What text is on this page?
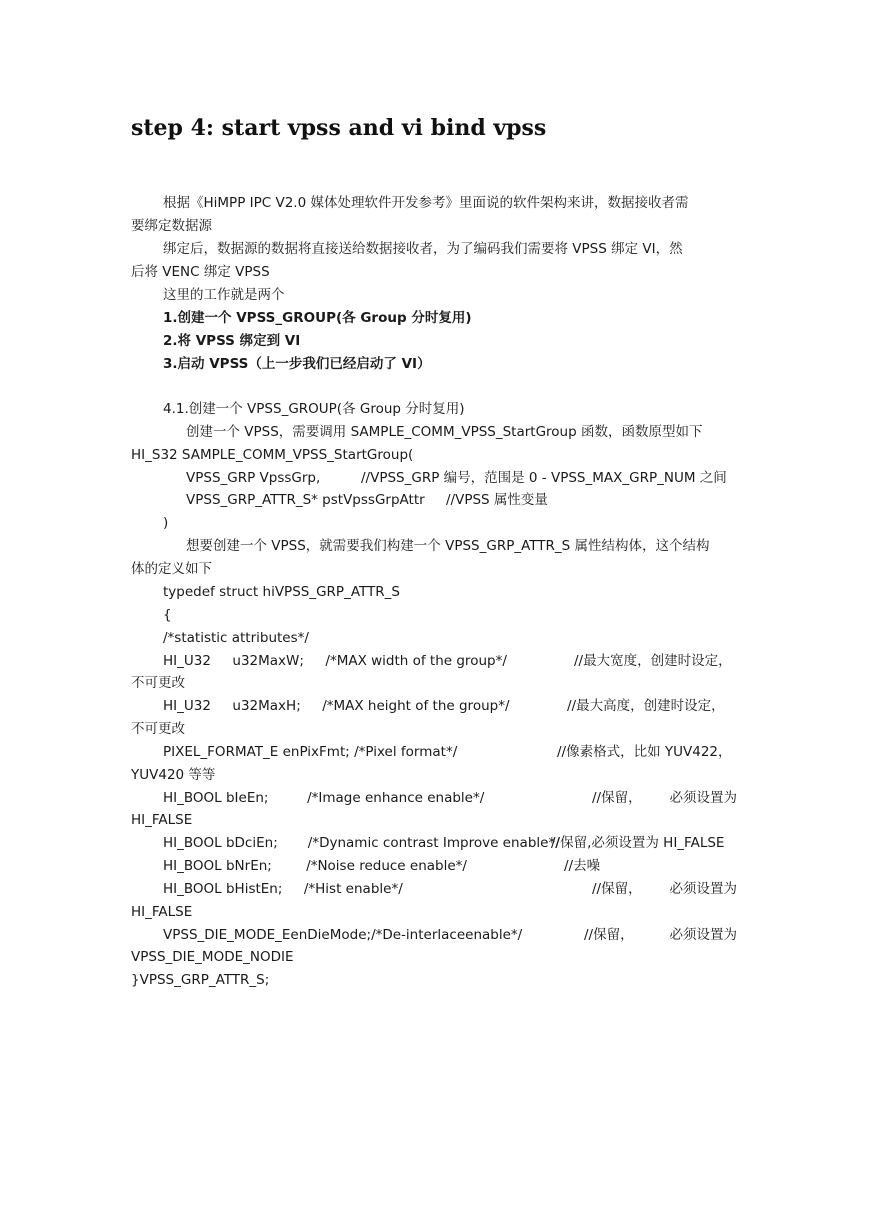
step 4: start vpss and vi bind vpss
根据《HiMPP IPC V2.0 媒体处理软件开发参考》里面说的软件架构来讲，数据接收者需
要绑定数据源
绑定后，数据源的数据将直接送给数据接收者，为了编码我们需要将 VPSS 绑定 VI，然
后将 VENC 绑定 VPSS
这里的工作就是两个
1.创建一个 VPSS_GROUP(各 Group 分时复用)
2.将 VPSS 绑定到 VI
3.启动 VPSS（上一步我们已经启动了 VI）
4.1.创建一个 VPSS_GROUP(各 Group 分时复用)
创建一个 VPSS，需要调用 SAMPLE_COMM_VPSS_StartGroup 函数，函数原型如下
HI_S32 SAMPLE_COMM_VPSS_StartGroup(
VPSS_GRP VpssGrp,	//VPSS_GRP 编号，范围是 0 - VPSS_MAX_GRP_NUM 之间
VPSS_GRP_ATTR_S* pstVpssGrpAttr //VPSS 属性变量
)
想要创建一个 VPSS，就需要我们构建一个 VPSS_GRP_ATTR_S 属性结构体，这个结构
体的定义如下
typedef struct hiVPSS_GRP_ATTR_S
{
/*statistic attributes*/
HI_U32     u32MaxW;     /*MAX width of the group*/	//最大宽度，创建时设定，
不可更改
HI_U32     u32MaxH;     /*MAX height of the group*/	//最大高度，创建时设定，
不可更改
PIXEL_FORMAT_E enPixFmt; /*Pixel format*/	//像素格式，比如 YUV422，
YUV420 等等
HI_BOOL bIeEn;         /*Image enhance enable*/	//保留， 必须设置为
HI_FALSE
HI_BOOL bDciEn;       /*Dynamic contrast Improve enable*/
//保留,必须设置为 HI_FALSE
HI_BOOL bNrEn;        /*Noise reduce enable*/	//去噪
HI_BOOL bHistEn;     /*Hist enable*/	//保留， 必须设置为
HI_FALSE
VPSS_DIE_MODE_E enDieMode; /*De-interlace enable*/	//保留，	必须设置为
VPSS_DIE_MODE_NODIE
}VPSS_GRP_ATTR_S;
